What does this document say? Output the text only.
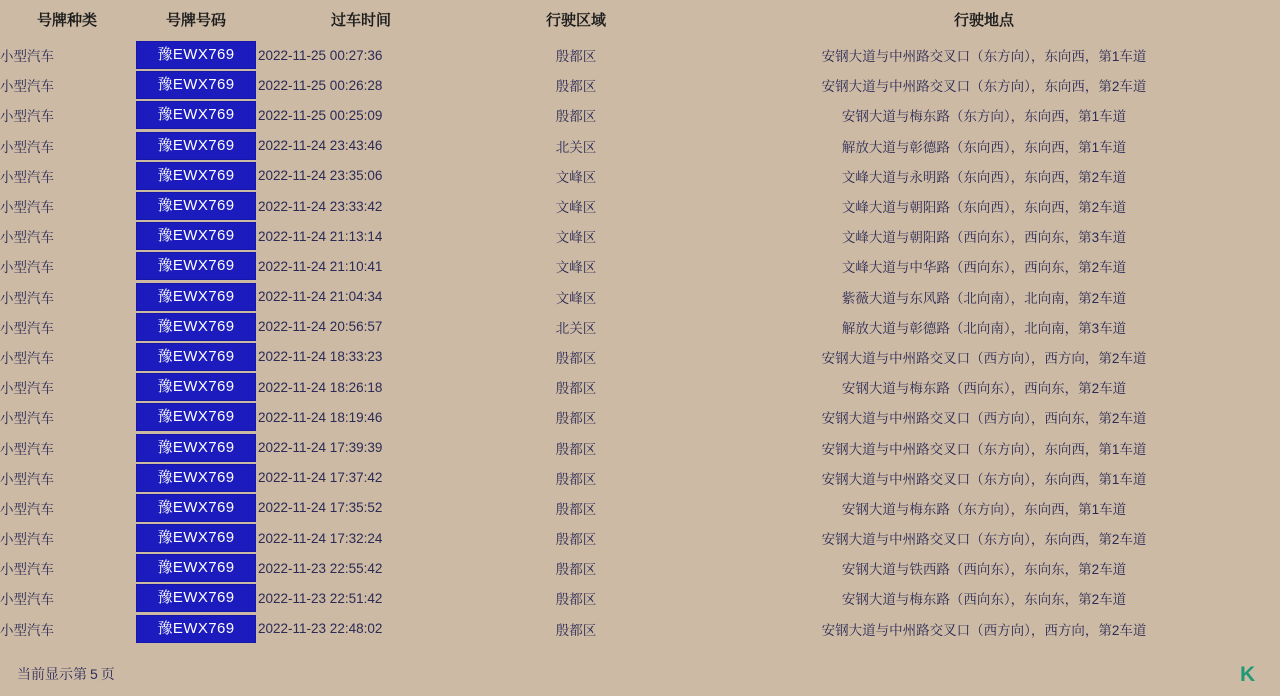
号牌种类	号牌号码	过车时间	行驶区域	行驶地点
小型汽车	豫EWX769	2022-11-25 00:27:36	殷都区	安钢大道与中州路交叉口（东方向），东向西，第1车道
小型汽车	豫EWX769	2022-11-25 00:26:28	殷都区	安钢大道与中州路交叉口（东方向），东向西，第2车道
小型汽车	豫EWX769	2022-11-25 00:25:09	殷都区	安钢大道与梅东路（东方向），东向西，第1车道
小型汽车	豫EWX769	2022-11-24 23:43:46	北关区	解放大道与彰德路（东向西），东向西，第1车道
小型汽车	豫EWX769	2022-11-24 23:35:06	文峰区	文峰大道与永明路（东向西），东向西，第2车道
小型汽车	豫EWX769	2022-11-24 23:33:42	文峰区	文峰大道与朝阳路（东向西），东向西，第2车道
小型汽车	豫EWX769	2022-11-24 21:13:14	文峰区	文峰大道与朝阳路（西向东），西向东，第3车道
小型汽车	豫EWX769	2022-11-24 21:10:41	文峰区	文峰大道与中华路（西向东），西向东，第2车道
小型汽车	豫EWX769	2022-11-24 21:04:34	文峰区	紫薇大道与东风路（北向南），北向南，第2车道
小型汽车	豫EWX769	2022-11-24 20:56:57	北关区	解放大道与彰德路（北向南），北向南，第3车道
小型汽车	豫EWX769	2022-11-24 18:33:23	殷都区	安钢大道与中州路交叉口（西方向），西方向，第2车道
小型汽车	豫EWX769	2022-11-24 18:26:18	殷都区	安钢大道与梅东路（西向东），西向东，第2车道
小型汽车	豫EWX769	2022-11-24 18:19:46	殷都区	安钢大道与中州路交叉口（西方向），西向东，第2车道
小型汽车	豫EWX769	2022-11-24 17:39:39	殷都区	安钢大道与中州路交叉口（东方向），东向西，第1车道
小型汽车	豫EWX769	2022-11-24 17:37:42	殷都区	安钢大道与中州路交叉口（东方向），东向西，第1车道
小型汽车	豫EWX769	2022-11-24 17:35:52	殷都区	安钢大道与梅东路（东方向），东向西，第1车道
小型汽车	豫EWX769	2022-11-24 17:32:24	殷都区	安钢大道与中州路交叉口（东方向），东向西，第2车道
小型汽车	豫EWX769	2022-11-23 22:55:42	殷都区	安钢大道与铁西路（西向东），东向东，第2车道
小型汽车	豫EWX769	2022-11-23 22:51:42	殷都区	安钢大道与梅东路（西向东），东向东，第2车道
小型汽车	豫EWX769	2022-11-23 22:48:02	殷都区	安钢大道与中州路交叉口（西方向），西方向，第2车道
当前显示第 5 页	K
